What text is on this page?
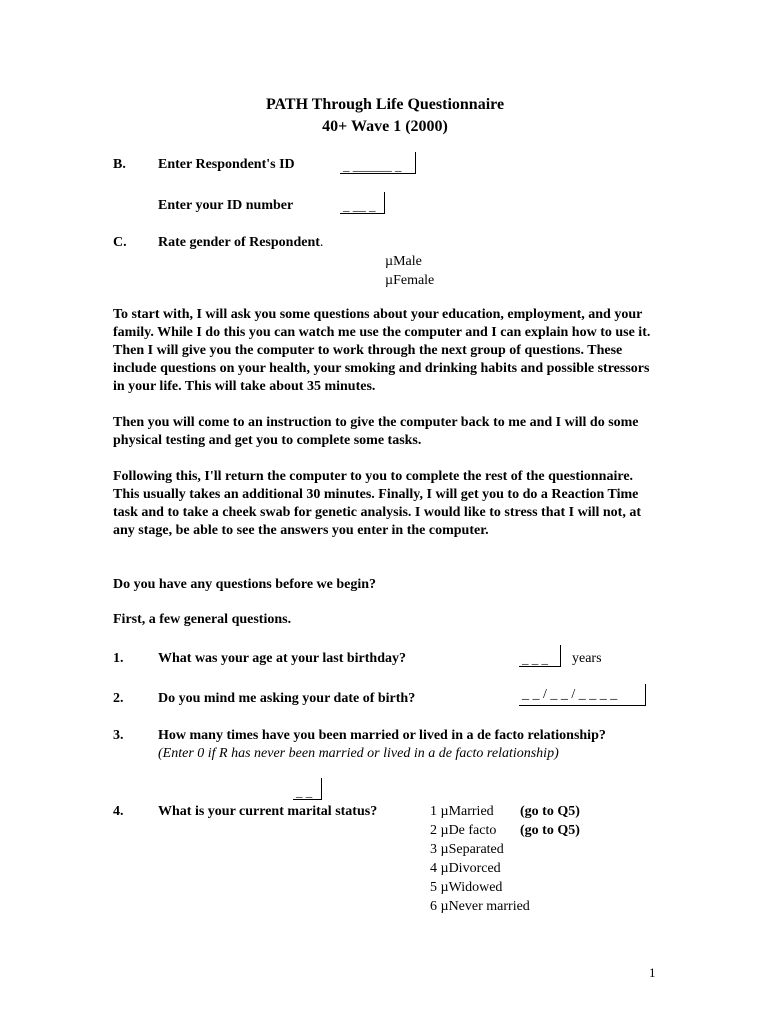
PATH Through Life Questionnaire
40+ Wave 1 (2000)
B. Enter Respondent's ID	_ ______ _
Enter your ID number	_ __ _
C. Rate gender of Respondent.
µMale
µFemale
To start with, I will ask you some questions about your education, employment, and your family. While I do this you can watch me use the computer and I can explain how to use it. Then I will give you the computer to work through the next group of questions. These include questions on your health, your smoking and drinking habits and possible stressors in your life. This will take about 35 minutes.
Then you will come to an instruction to give the computer back to me and I will do some physical testing and get you to complete some tasks.
Following this, I'll return the computer to you to complete the rest of the questionnaire. This usually takes an additional 30 minutes. Finally, I will get you to do a Reaction Time task and to take a cheek swab for genetic analysis. I would like to stress that I will not, at any stage, be able to see the answers you enter in the computer.
Do you have any questions before we begin?
First, a few general questions.
1. What was your age at your last birthday?	_ _ _	years
2. Do you mind me asking your date of birth?	_ _ / _ _ / _ _ _ _
3. How many times have you been married or lived in a de facto relationship?
(Enter 0 if R has never been married or lived in a de facto relationship)
_ _
4. What is your current marital status?	1 µMarried (go to Q5)
2 µDe facto (go to Q5)
3 µSeparated
4 µDivorced
5 µWidowed
6 µNever married
1
